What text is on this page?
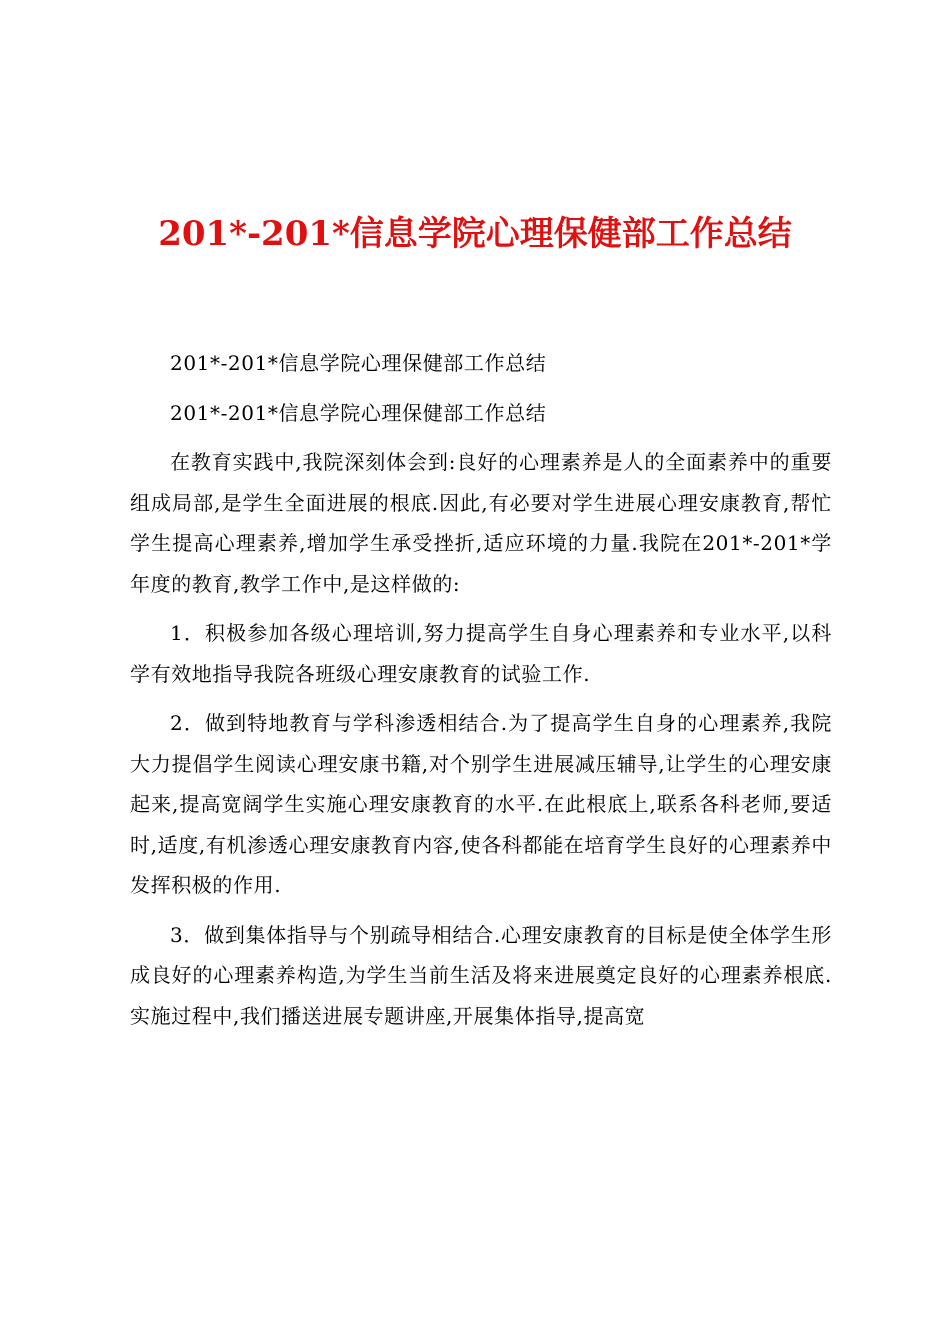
201*-201*信息学院心理保健部工作总结

201*-201*信息学院心理保健部工作总结

201*-201*信息学院心理保健部工作总结

在教育实践中,我院深刻体会到:良好的心理素养是人的全面素养中的重要组成局部,是学生全面进展的根底.因此,有必要对学生进展心理安康教育,帮忙学生提高心理素养,增加学生承受挫折,适应环境的力量.我院在201*-201*学年度的教育,教学工作中,是这样做的:

1．积极参加各级心理培训,努力提高学生自身心理素养和专业水平,以科学有效地指导我院各班级心理安康教育的试验工作.

2．做到特地教育与学科渗透相结合.为了提高学生自身的心理素养,我院大力提倡学生阅读心理安康书籍,对个别学生进展减压辅导,让学生的心理安康起来,提高宽阔学生实施心理安康教育的水平.在此根底上,联系各科老师,要适时,适度,有机渗透心理安康教育内容,使各科都能在培育学生良好的心理素养中发挥积极的作用.

3．做到集体指导与个别疏导相结合.心理安康教育的目标是使全体学生形成良好的心理素养构造,为学生当前生活及将来进展奠定良好的心理素养根底.实施过程中,我们播送进展专题讲座,开展集体指导,提高宽
